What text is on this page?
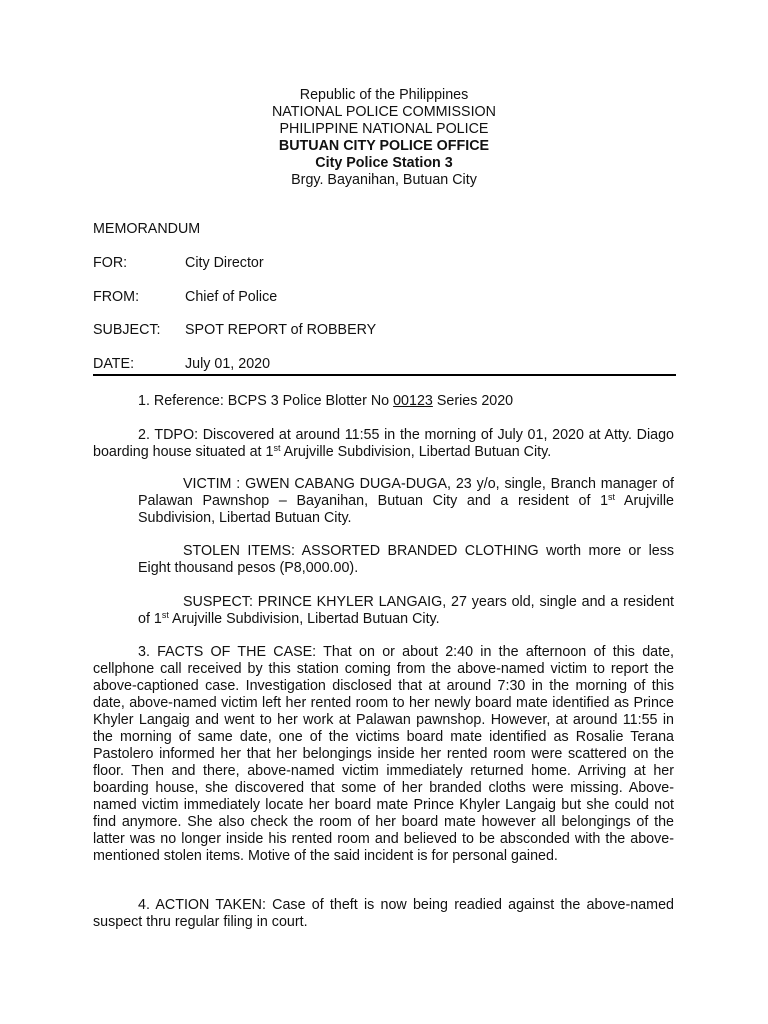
Republic of the Philippines
NATIONAL POLICE COMMISSION
PHILIPPINE NATIONAL POLICE
BUTUAN CITY POLICE OFFICE
City Police Station 3
Brgy. Bayanihan, Butuan City
MEMORANDUM
FOR:	City Director
FROM:	Chief of Police
SUBJECT: SPOT REPORT of ROBBERY
DATE:	July 01, 2020

1. Reference: BCPS 3 Police Blotter No 00123 Series 2020

2. TDPO: Discovered at around 11:55 in the morning of July 01, 2020 at Atty. Diago boarding house situated at 1st Arujville Subdivision, Libertad Butuan City.

VICTIM : GWEN CABANG DUGA-DUGA, 23 y/o, single, Branch manager of Palawan Pawnshop – Bayanihan, Butuan City and a resident of 1st Arujville Subdivision, Libertad Butuan City.

STOLEN ITEMS: ASSORTED BRANDED CLOTHING worth more or less Eight thousand pesos (P8,000.00).

SUSPECT: PRINCE KHYLER LANGAIG, 27 years old, single and a resident of 1st Arujville Subdivision, Libertad Butuan City.

3. FACTS OF THE CASE: That on or about 2:40 in the afternoon of this date, cellphone call received by this station coming from the above-named victim to report the above-captioned case. Investigation disclosed that at around 7:30 in the morning of this date, above-named victim left her rented room to her newly board mate identified as Prince Khyler Langaig and went to her work at Palawan pawnshop. However, at around 11:55 in the morning of same date, one of the victims board mate identified as Rosalie Terana Pastolero informed her that her belongings inside her rented room were scattered on the floor. Then and there, above-named victim immediately returned home. Arriving at her boarding house, she discovered that some of her branded cloths were missing. Above-named victim immediately locate her board mate Prince Khyler Langaig but she could not find anymore. She also check the room of her board mate however all belongings of the latter was no longer inside his rented room and believed to be absconded with the above-mentioned stolen items. Motive of the said incident is for personal gained.

4. ACTION TAKEN: Case of theft is now being readied against the above-named suspect thru regular filing in court.
